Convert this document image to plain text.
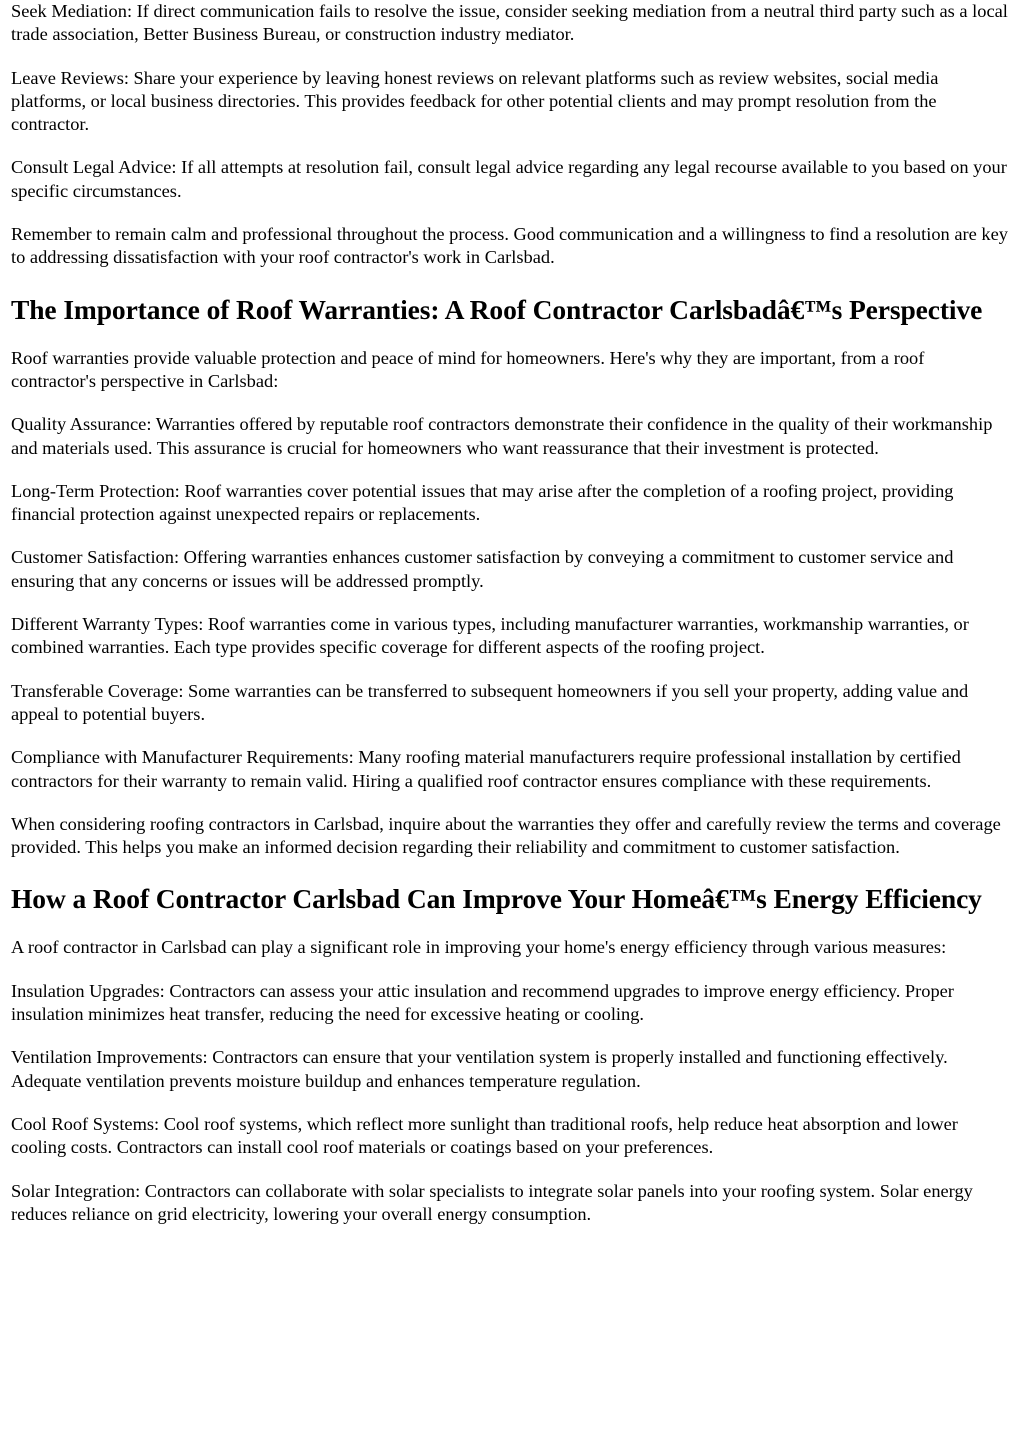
Seek Mediation: If direct communication fails to resolve the issue, consider seeking mediation from a neutral third party such as a local trade association, Better Business Bureau, or construction industry mediator.

Leave Reviews: Share your experience by leaving honest reviews on relevant platforms such as review websites, social media platforms, or local business directories. This provides feedback for other potential clients and may prompt resolution from the contractor.

Consult Legal Advice: If all attempts at resolution fail, consult legal advice regarding any legal recourse available to you based on your specific circumstances.

Remember to remain calm and professional throughout the process. Good communication and a willingness to find a resolution are key to addressing dissatisfaction with your roof contractor's work in Carlsbad.

The Importance of Roof Warranties: A Roof Contractor Carlsbadâ€™s Perspective

Roof warranties provide valuable protection and peace of mind for homeowners. Here's why they are important, from a roof contractor's perspective in Carlsbad:

Quality Assurance: Warranties offered by reputable roof contractors demonstrate their confidence in the quality of their workmanship and materials used. This assurance is crucial for homeowners who want reassurance that their investment is protected.

Long-Term Protection: Roof warranties cover potential issues that may arise after the completion of a roofing project, providing financial protection against unexpected repairs or replacements.

Customer Satisfaction: Offering warranties enhances customer satisfaction by conveying a commitment to customer service and ensuring that any concerns or issues will be addressed promptly.

Different Warranty Types: Roof warranties come in various types, including manufacturer warranties, workmanship warranties, or combined warranties. Each type provides specific coverage for different aspects of the roofing project.

Transferable Coverage: Some warranties can be transferred to subsequent homeowners if you sell your property, adding value and appeal to potential buyers.

Compliance with Manufacturer Requirements: Many roofing material manufacturers require professional installation by certified contractors for their warranty to remain valid. Hiring a qualified roof contractor ensures compliance with these requirements.

When considering roofing contractors in Carlsbad, inquire about the warranties they offer and carefully review the terms and coverage provided. This helps you make an informed decision regarding their reliability and commitment to customer satisfaction.

How a Roof Contractor Carlsbad Can Improve Your Homeâ€™s Energy Efficiency

A roof contractor in Carlsbad can play a significant role in improving your home's energy efficiency through various measures:

Insulation Upgrades: Contractors can assess your attic insulation and recommend upgrades to improve energy efficiency. Proper insulation minimizes heat transfer, reducing the need for excessive heating or cooling.

Ventilation Improvements: Contractors can ensure that your ventilation system is properly installed and functioning effectively. Adequate ventilation prevents moisture buildup and enhances temperature regulation.

Cool Roof Systems: Cool roof systems, which reflect more sunlight than traditional roofs, help reduce heat absorption and lower cooling costs. Contractors can install cool roof materials or coatings based on your preferences.

Solar Integration: Contractors can collaborate with solar specialists to integrate solar panels into your roofing system. Solar energy reduces reliance on grid electricity, lowering your overall energy consumption.
